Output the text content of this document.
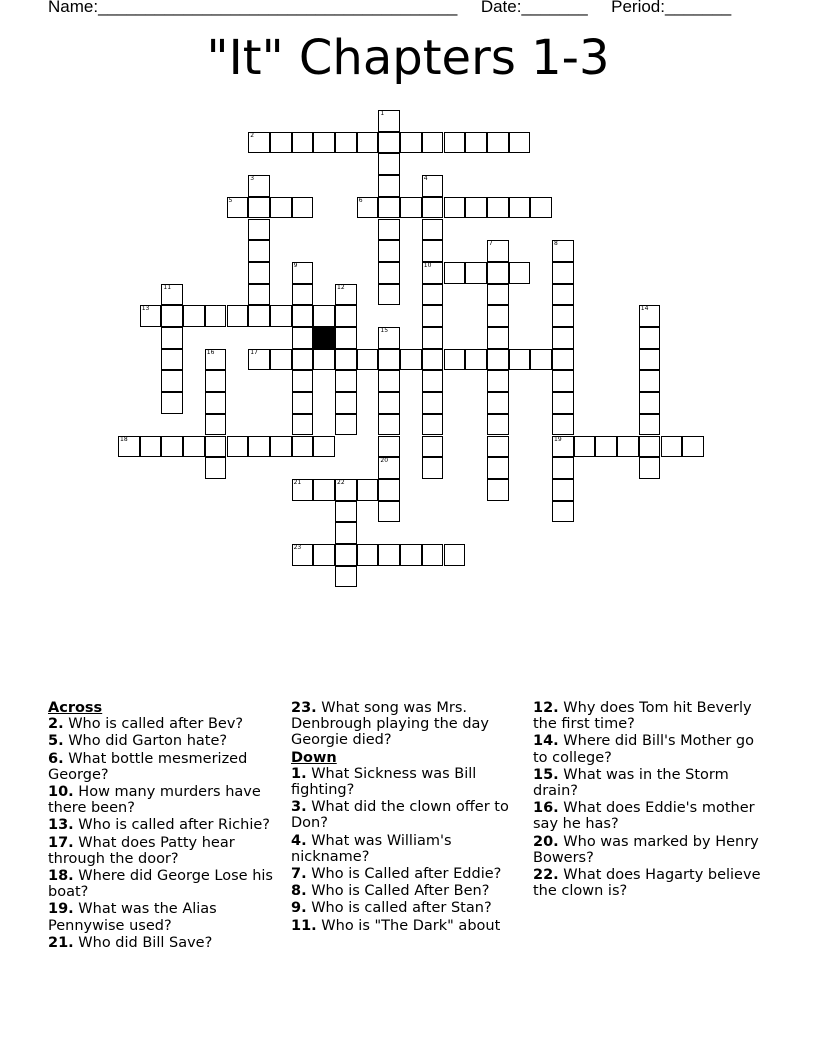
Name:______________________________________ Date:_______ Period:_______
"It" Chapters 1-3
1
2
3	4
10
5	6
7	8
19
9
11	12
13	14
15
16	17
18
20
21	22
23
Across
2. Who is called after Bev?
5. Who did Garton hate?
6. What bottle mesmerized George?
10. How many murders have there been?
13. Who is called after Richie?
17. What does Patty hear through the door?
18. Where did George Lose his boat?
19. What was the Alias Pennywise used?
21. Who did Bill Save?
23. What song was Mrs. Denbrough playing the day Georgie died?
Down
1. What Sickness was Bill fighting?
3. What did the clown offer to Don?
4. What was William's nickname?
7. Who is Called after Eddie?
8. Who is Called After Ben?
9. Who is called after Stan?
11. Who is "The Dark" about
12. Why does Tom hit Beverly the first time?
14. Where did Bill's Mother go to college?
15. What was in the Storm drain?
16. What does Eddie's mother say he has?
20. Who was marked by Henry Bowers?
22. What does Hagarty believe the clown is?
